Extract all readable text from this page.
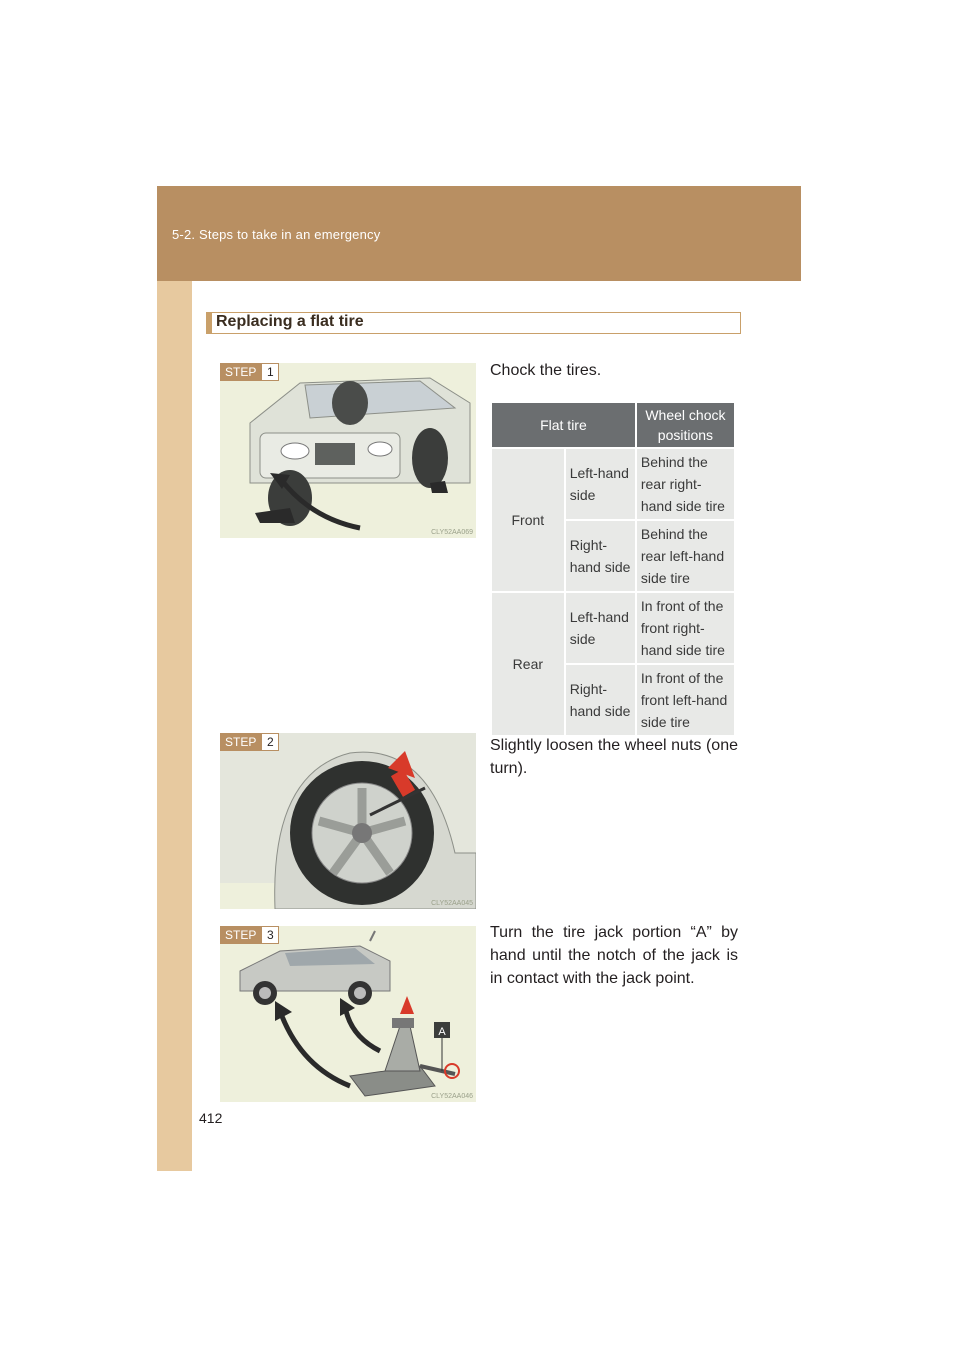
5-2. Steps to take in an emergency
Replacing a flat tire
STEP 1
CLY52AA069
Chock the tires.
Flat tire		Wheel chock positions
Front	Left-hand side	Behind the rear right-hand side tire
	Right-hand side	Behind the rear left-hand side tire
Rear	Left-hand side	In front of the front right-hand side tire
	Right-hand side	In front of the front left-hand side tire
STEP 2
CLY52AA045
Slightly loosen the wheel nuts (one turn).
A
STEP 3
CLY52AA046
Turn the tire jack portion “A” by hand until the notch of the jack is in contact with the jack point.
412
